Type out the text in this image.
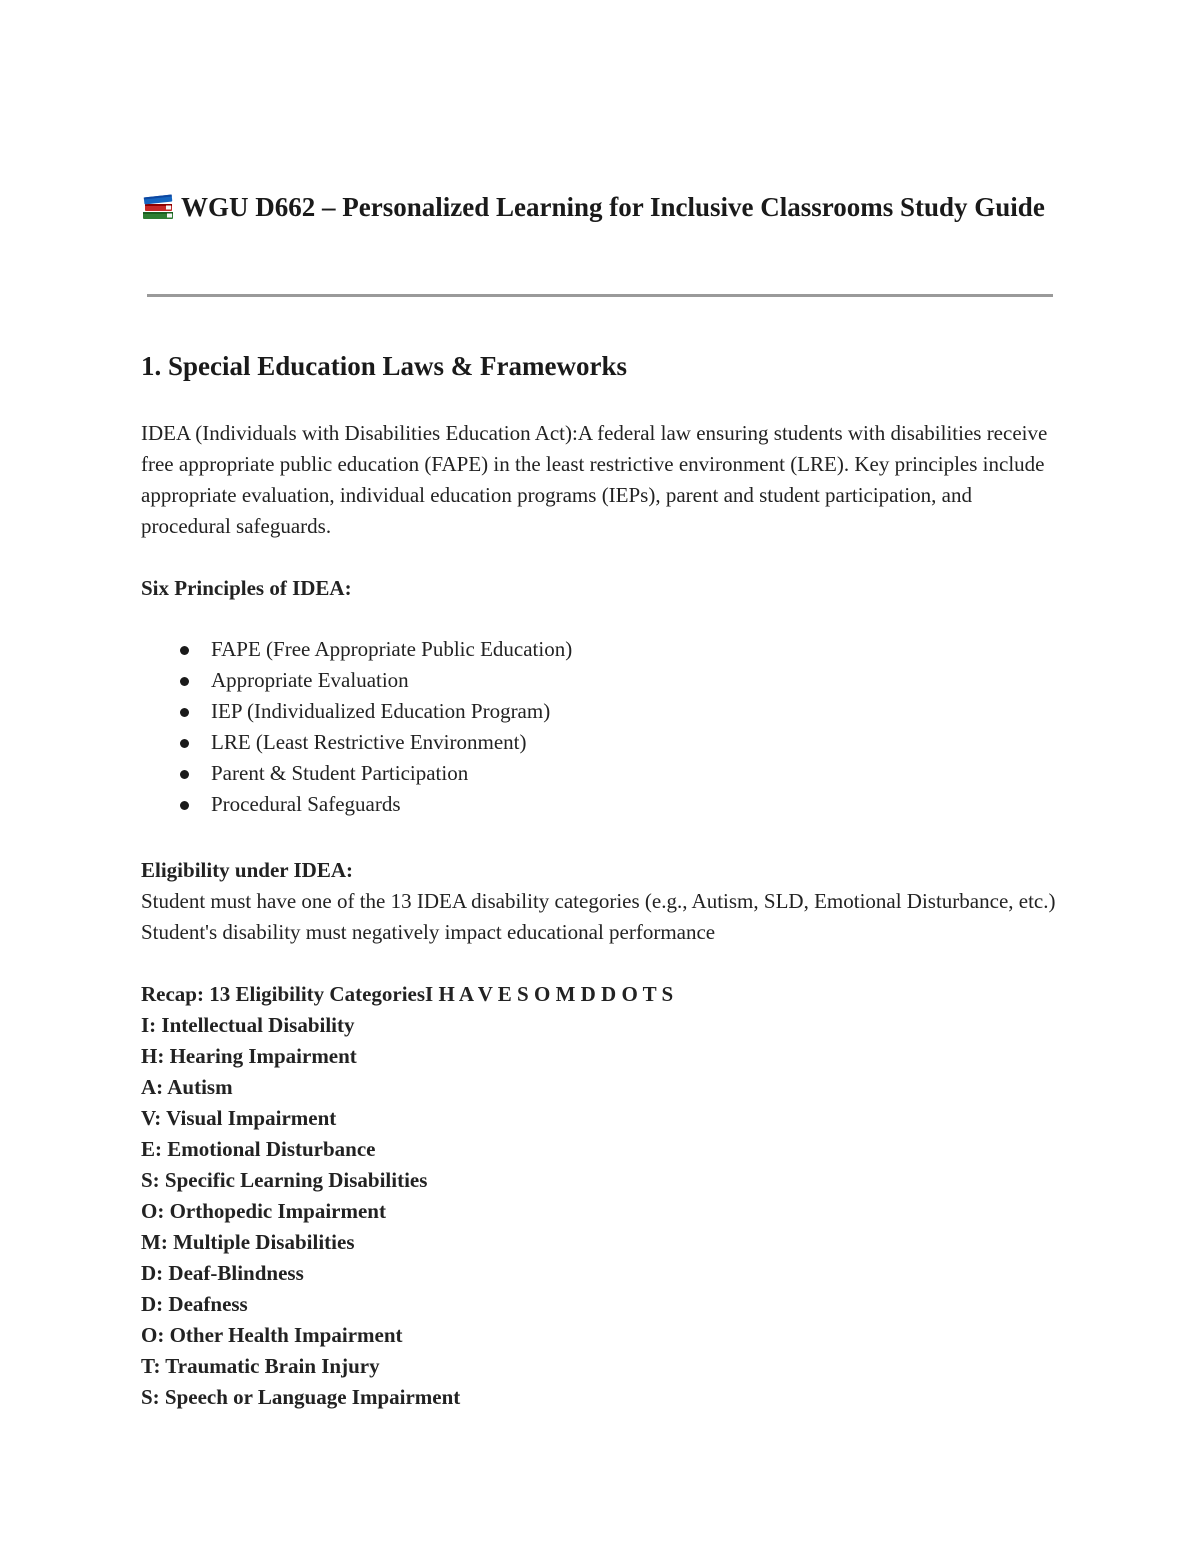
WGU D662 – Personalized Learning for Inclusive Classrooms Study Guide
1. Special Education Laws & Frameworks

IDEA (Individuals with Disabilities Education Act):A federal law ensuring students with disabilities receive free appropriate public education (FAPE) in the least restrictive environment (LRE). Key principles include appropriate evaluation, individual education programs (IEPs), parent and student participation, and procedural safeguards.

Six Principles of IDEA:

FAPE (Free Appropriate Public Education)
Appropriate Evaluation
IEP (Individualized Education Program)
LRE (Least Restrictive Environment)
Parent & Student Participation
Procedural Safeguards

Eligibility under IDEA:

Student must have one of the 13 IDEA disability categories (e.g., Autism, SLD, Emotional Disturbance, etc.) Student's disability must negatively impact educational performance

Recap: 13 Eligibility CategoriesI H A V E S O M D D O T S

I: Intellectual Disability
H: Hearing Impairment
A: Autism
V: Visual Impairment
E: Emotional Disturbance
S: Specific Learning Disabilities
O: Orthopedic Impairment
M: Multiple Disabilities
D: Deaf-Blindness
D: Deafness
O: Other Health Impairment
T: Traumatic Brain Injury
S: Speech or Language Impairment
